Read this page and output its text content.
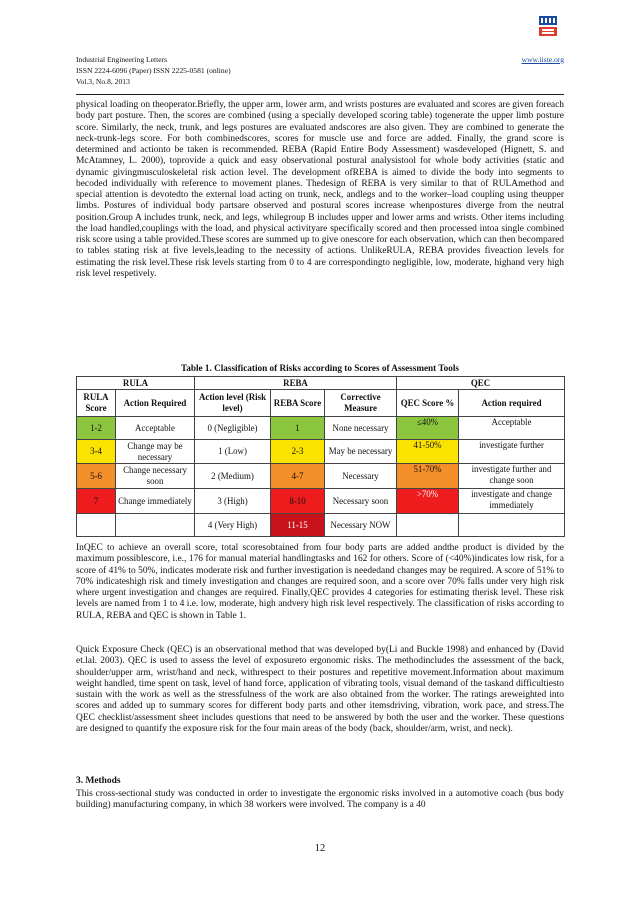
Industrial Engineering Letters
ISSN 2224-6096 (Paper) ISSN 2225-0581 (online)
Vol.3, No.8, 2013
www.iiste.org

physical loading on theoperator.Briefly, the upper arm, lower arm, and wrists postures are evaluated and scores are given foreach body part posture. Then, the scores are combined (using a specially developed scoring table) togenerate the upper limb posture score. Similarly, the neck, trunk, and legs postures are evaluated andscores are also given. They are combined to generate the neck-trunk-legs score. For both combinedscores, scores for muscle use and force are added. Finally, the grand score is determined and actionto be taken is recommended. REBA (Rapid Entire Body Assessment) wasdeveloped (Hignett, S. and McAtamney, L. 2000), toprovide a quick and easy observational postural analysistool for whole body activities (static and dynamic givingmusculoskeletal risk action level. The development ofREBA is aimed to divide the body into segments to becoded individually with reference to movement planes. Thedesign of REBA is very similar to that of RULAmethod and special attention is devotedto the external load acting on trunk, neck, andlegs and to the worker–load coupling using theupper limbs. Postures of individual body partsare observed and postural scores increase whenpostures diverge from the neutral position.Group A includes trunk, neck, and legs, whilegroup B includes upper and lower arms and wrists. Other items including the load handled,couplings with the load, and physical activityare specifically scored and then processed intoa single combined risk score using a table provided.These scores are summed up to give onescore for each observation, which can then becompared to tables stating risk at five levels,leading to the necessity of actions. UnlikeRULA, REBA provides fiveaction levels for estimating the risk level.These risk levels starting from 0 to 4 are correspondingto negligible, low, moderate, highand very high risk level respetively.

Table 1. Classification of Risks according to Scores of Assessment Tools
RULA		REBA			QEC	
RULA Score	Action Required	Action level (Risk level)	REBA Score	Corrective Measure	QEC Score %	Action required
1-2	Acceptable	0 (Negligible)	1	None necessary	≤40%	Acceptable
3-4	Change may be necessary	1 (Low)	2-3	May be necessary	41-50%	investigate further
5-6	Change necessary soon	2 (Medium)	4-7	Necessary	51-70%	investigate further and change soon
7	Change immediately	3 (High)	8-10	Necessary soon	>70%	investigate and change immediately
		4 (Very High)	11-15	Necessary NOW		

InQEC to achieve an overall score, total scoresobtained from four body parts are added andthe product is divided by the maximum possiblescore, i.e., 176 for manual material handlingtasks and 162 for others. Score of (<40%)indicates low risk, for a score of 41% to 50%, indicates moderate risk and further investigation is neededand changes may be required. A score of 51% to 70% indicateshigh risk and timely investigation and changes are required soon, and a score over 70% falls under very high risk where urgent investigation and changes are required. Finally,QEC provides 4 categories for estimating therisk level. These risk levels are named from 1 to 4 i.e. low, moderate, high andvery high risk level respectively. The classification of risks according to RULA, REBA and QEC is shown in Table 1.

Quick Exposure Check (QEC) is an observational method that was developed by(Li and Buckle 1998) and enhanced by (David et.lal. 2003). QEC is used to assess the level of exposureto ergonomic risks. The methodincludes the assessment of the back, shoulder/upper arm, wrist/hand and neck, withrespect to their postures and repetitive movement.Information about maximum weight handled, time spent on task, level of hand force, application of vibrating tools, visual demand of the taskand difficultiesto sustain with the work as well as the stressfulness of the work are also obtained from the worker. The ratings areweighted into scores and added up to summary scores for different body parts and other itemsdriving, vibration, work pace, and stress.The QEC checklist/assessment sheet includes questions that need to be answered by both the user and the worker. These questions are designed to quantify the exposure risk for the four main areas of the body (back, shoulder/arm, wrist, and neck).

3. Methods

This cross-sectional study was conducted in order to investigate the ergonomic risks involved in a automotive coach (bus body building) manufacturing company, in which 38 workers were involved. The company is a 40

12
